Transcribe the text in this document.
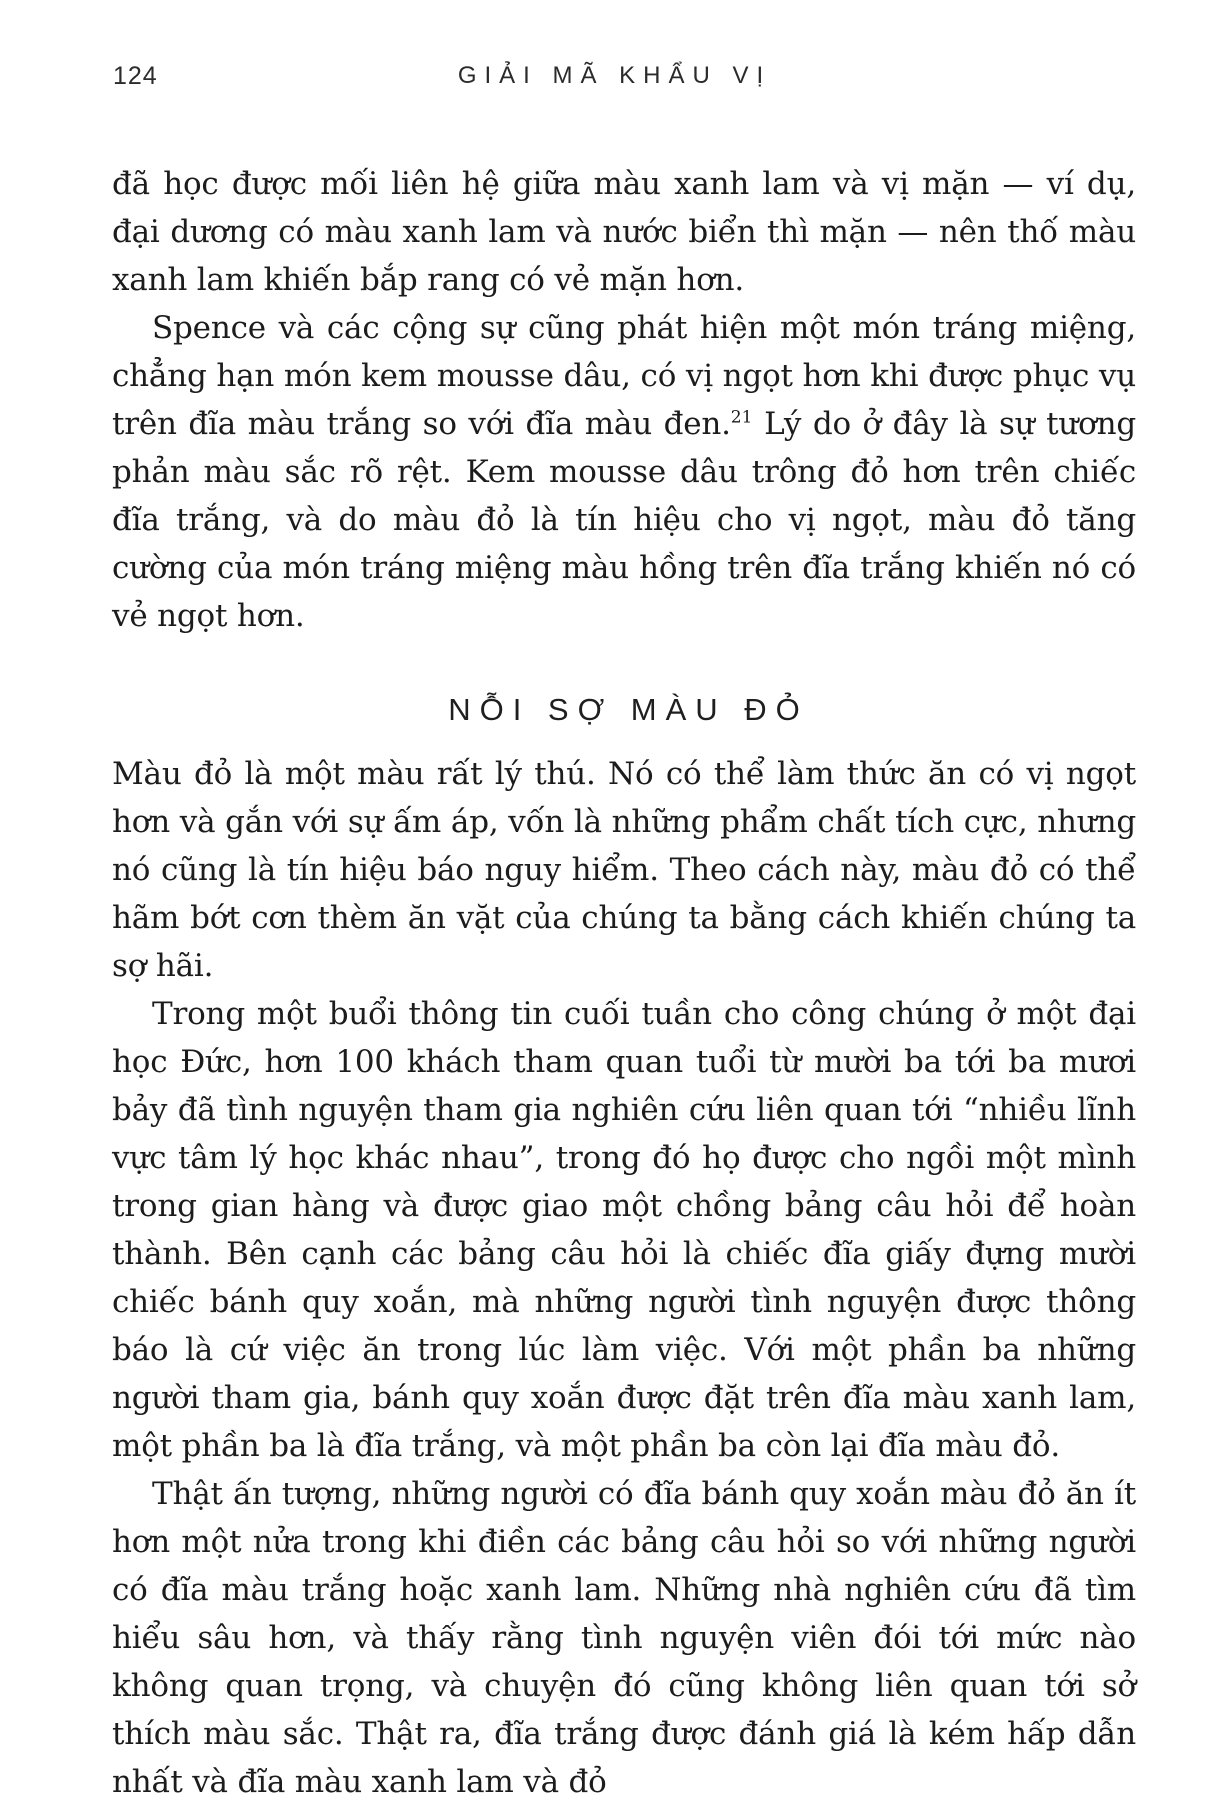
124	GIẢI MÃ KHẨU VỊ

đã học được mối liên hệ giữa màu xanh lam và vị mặn — ví dụ, đại dương có màu xanh lam và nước biển thì mặn — nên thố màu xanh lam khiến bắp rang có vẻ mặn hơn.

Spence và các cộng sự cũng phát hiện một món tráng miệng, chẳng hạn món kem mousse dâu, có vị ngọt hơn khi được phục vụ trên đĩa màu trắng so với đĩa màu đen.$^{21}$ Lý do ở đây là sự tương phản màu sắc rõ rệt. Kem mousse dâu trông đỏ hơn trên chiếc đĩa trắng, và do màu đỏ là tín hiệu cho vị ngọt, màu đỏ tăng cường của món tráng miệng màu hồng trên đĩa trắng khiến nó có vẻ ngọt hơn.

NỖI SỢ MÀU ĐỎ

Màu đỏ là một màu rất lý thú. Nó có thể làm thức ăn có vị ngọt hơn và gắn với sự ấm áp, vốn là những phẩm chất tích cực, nhưng nó cũng là tín hiệu báo nguy hiểm. Theo cách này, màu đỏ có thể hãm bớt cơn thèm ăn vặt của chúng ta bằng cách khiến chúng ta sợ hãi.

Trong một buổi thông tin cuối tuần cho công chúng ở một đại học Đức, hơn 100 khách tham quan tuổi từ mười ba tới ba mươi bảy đã tình nguyện tham gia nghiên cứu liên quan tới “nhiều lĩnh vực tâm lý học khác nhau”, trong đó họ được cho ngồi một mình trong gian hàng và được giao một chồng bảng câu hỏi để hoàn thành. Bên cạnh các bảng câu hỏi là chiếc đĩa giấy đựng mười chiếc bánh quy xoắn, mà những người tình nguyện được thông báo là cứ việc ăn trong lúc làm việc. Với một phần ba những người tham gia, bánh quy xoắn được đặt trên đĩa màu xanh lam, một phần ba là đĩa trắng, và một phần ba còn lại đĩa màu đỏ.

Thật ấn tượng, những người có đĩa bánh quy xoắn màu đỏ ăn ít hơn một nửa trong khi điền các bảng câu hỏi so với những người có đĩa màu trắng hoặc xanh lam. Những nhà nghiên cứu đã tìm hiểu sâu hơn, và thấy rằng tình nguyện viên đói tới mức nào không quan trọng, và chuyện đó cũng không liên quan tới sở thích màu sắc. Thật ra, đĩa trắng được đánh giá là kém hấp dẫn nhất và đĩa màu xanh lam và đỏ
